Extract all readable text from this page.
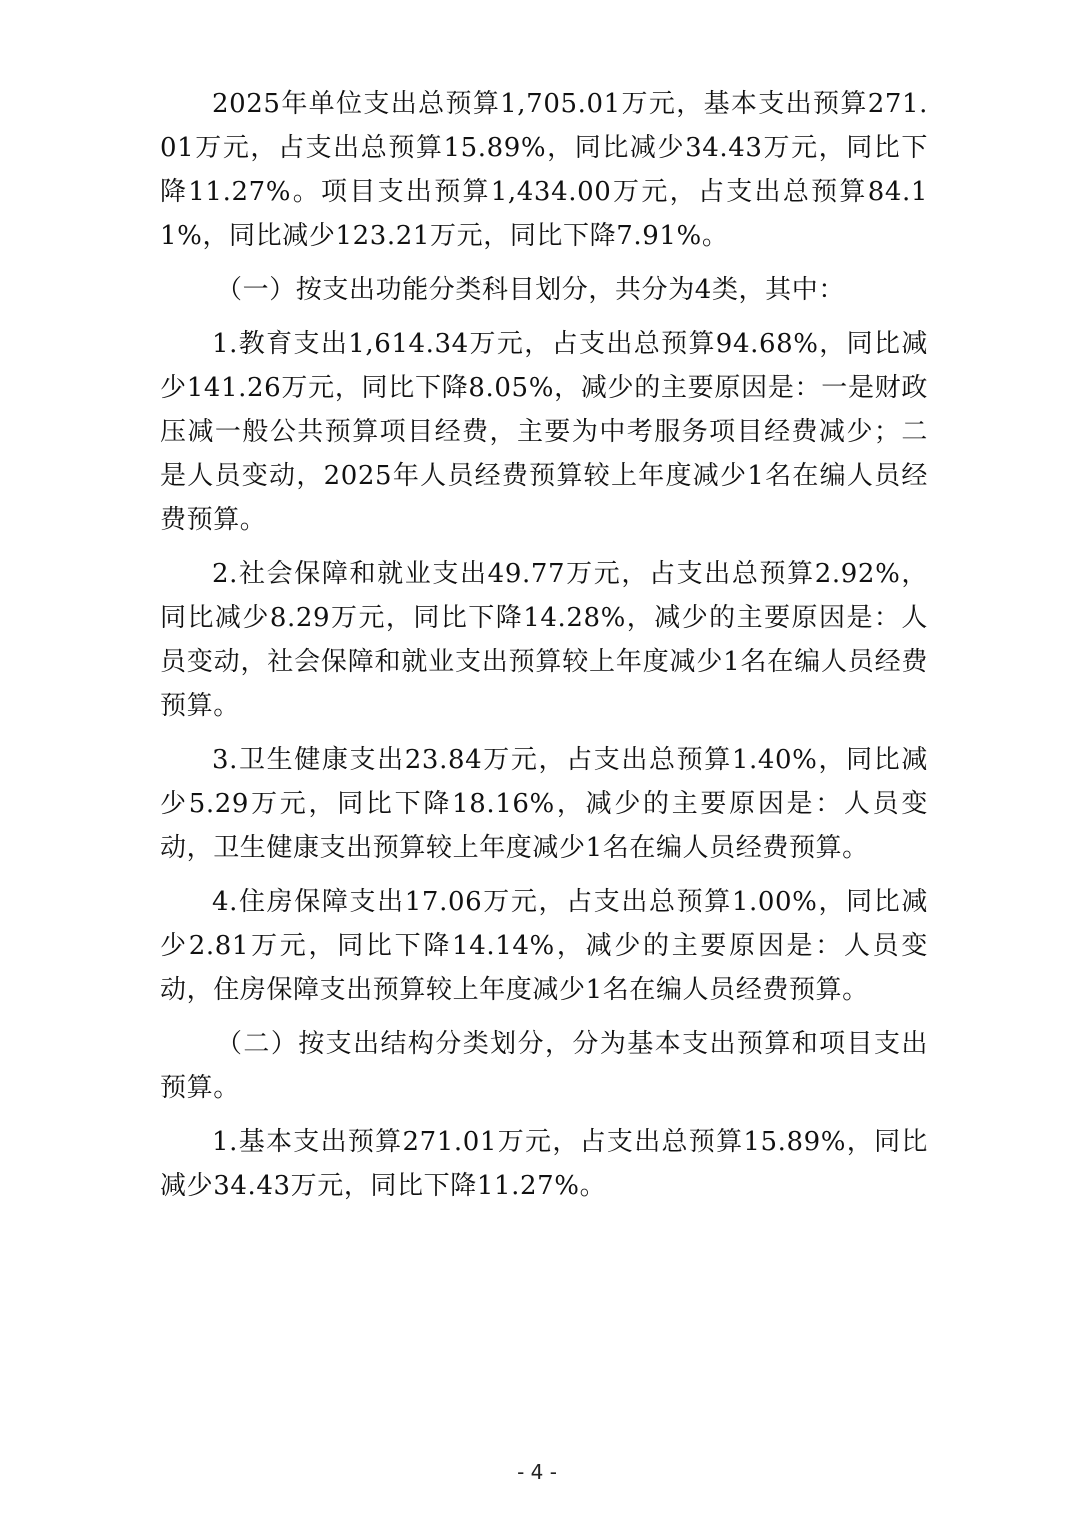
2025年单位支出总预算1,705.01万元，基本支出预算271.01万元，占支出总预算15.89%，同比减少34.43万元，同比下降11.27%。项目支出预算1,434.00万元，占支出总预算84.11%，同比减少123.21万元，同比下降7.91%。

（一）按支出功能分类科目划分，共分为4类，其中：

1.教育支出1,614.34万元，占支出总预算94.68%，同比减少141.26万元，同比下降8.05%，减少的主要原因是：一是财政压减一般公共预算项目经费，主要为中考服务项目经费减少；二是人员变动，2025年人员经费预算较上年度减少1名在编人员经费预算。

2.社会保障和就业支出49.77万元，占支出总预算2.92%，同比减少8.29万元，同比下降14.28%，减少的主要原因是：人员变动，社会保障和就业支出预算较上年度减少1名在编人员经费预算。

3.卫生健康支出23.84万元，占支出总预算1.40%，同比减少5.29万元，同比下降18.16%，减少的主要原因是：人员变动，卫生健康支出预算较上年度减少1名在编人员经费预算。

4.住房保障支出17.06万元，占支出总预算1.00%，同比减少2.81万元，同比下降14.14%，减少的主要原因是：人员变动，住房保障支出预算较上年度减少1名在编人员经费预算。

（二）按支出结构分类划分，分为基本支出预算和项目支出预算。

1.基本支出预算271.01万元，占支出总预算15.89%，同比减少34.43万元，同比下降11.27%。

- 4 -
